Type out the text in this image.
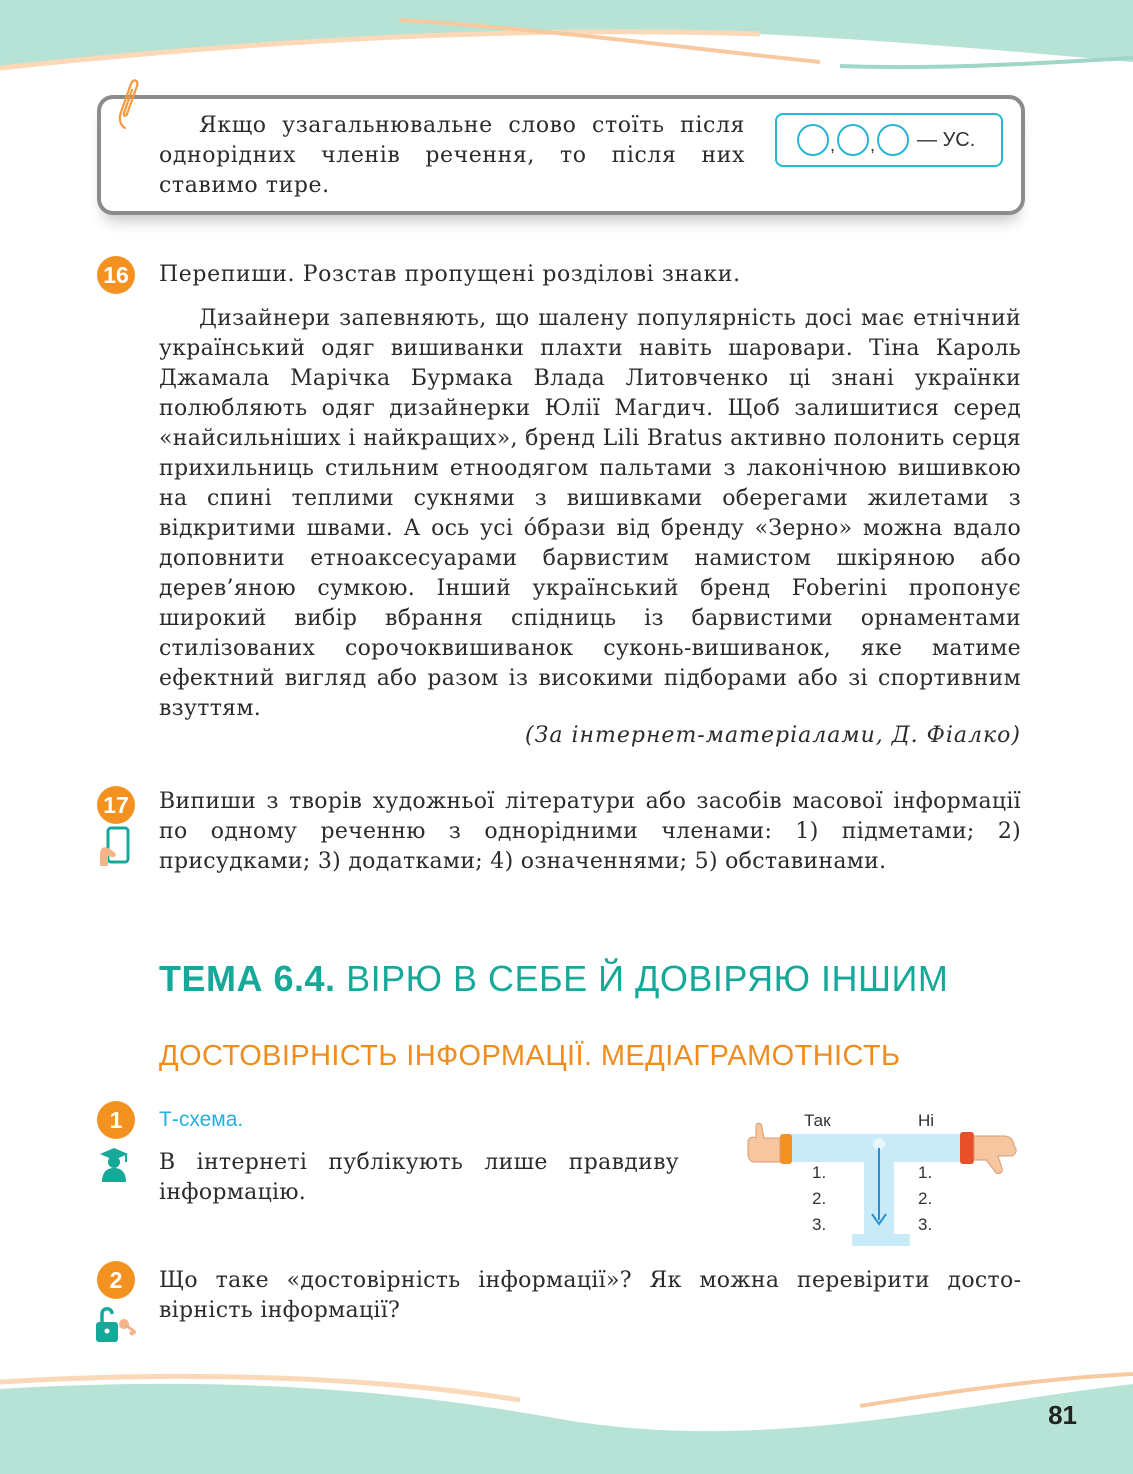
Якщо узагальнювальне слово стоїть після однорідних членів речення, то після них ставимо тире.
, , — УС.
16 Перепиши. Розстав пропущені розділові знаки.
Дизайнери запевняють, що шалену популярність досі має етнічний український одяг вишиванки плахти навіть шаровари. Тіна Кароль Джамала Марічка Бурмака Влада Литовченко ці знані українки полюбляють одяг дизайнерки Юлії Магдич. Щоб залишитися серед «найсильніших і найкращих», бренд Lili Bratus активно полонить серця прихильниць стильним етноодягом пальтами з лаконічною вишивкою на спині теплими сукнями з вишивками оберегами жилетами з відкритими швами. А ось усі óбрази від бренду «Зерно» можна вдало доповнити етноаксесуарами барвистим намистом шкіряною або дерев’яною сумкою. Інший український бренд Foberini пропонує широкий вибір вбрання спідниць із барвистими орнаментами стилізованих сорочоквишиванок суконь-вишиванок, яке матиме ефектний вигляд або разом із високими підборами або зі спортивним взуттям.
(За інтернет-матеріалами, Д. Фіалко)
17 Випиши з творів художньої літератури або засобів масової інформації по одному реченню з однорідними членами: 1) підметами; 2) присудками; 3) додатками; 4) означеннями; 5) обставинами.
ТЕМА 6.4. ВІРЮ В СЕБЕ Й ДОВІРЯЮ ІНШИМ
ДОСТОВІРНІСТЬ ІНФОРМАЦІЇ. МЕДІАГРАМОТНІСТЬ
1	Т-схема.
В інтернеті публікують лише правдиву інформацію.
Так	Ні
1.
2.
3.
1.
2.
3.
2	Що таке «достовірність інформації»? Як можна перевірити достовірність інформації?
81
